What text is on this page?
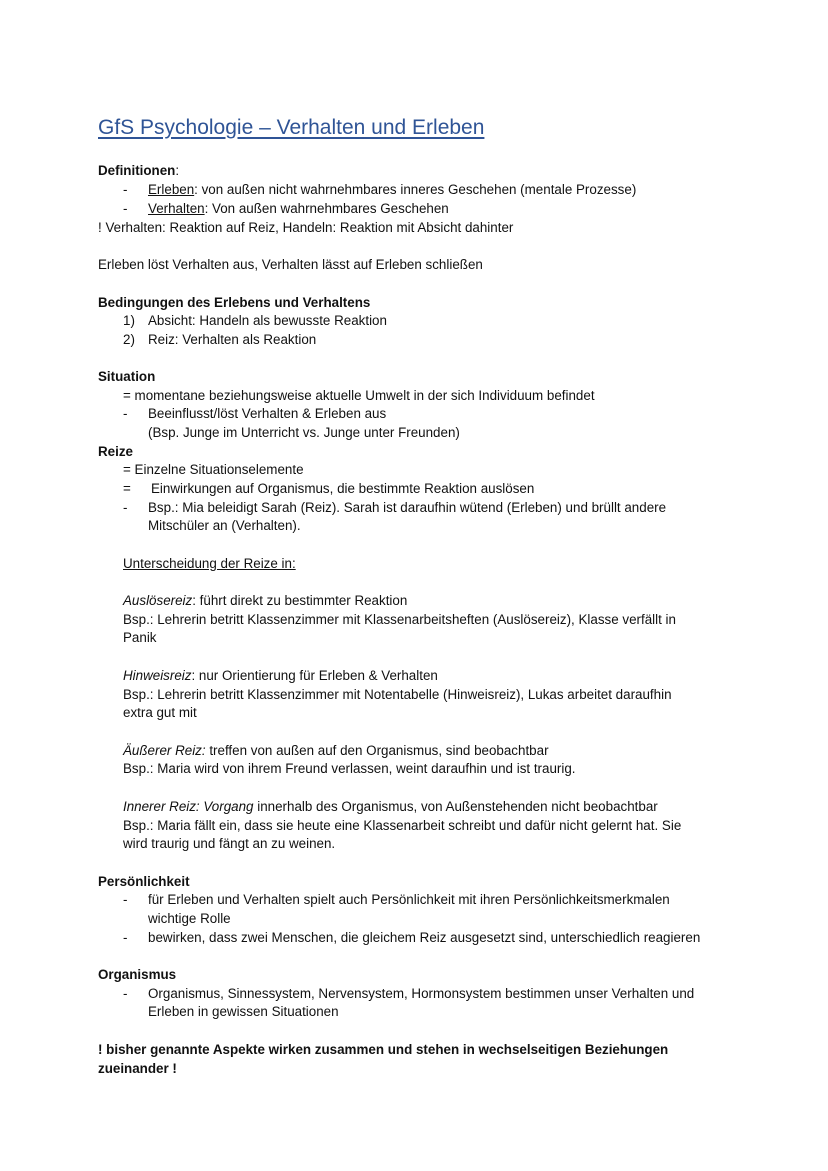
GfS Psychologie – Verhalten und Erleben
Definitionen:
- Erleben: von außen nicht wahrnehmbares inneres Geschehen (mentale Prozesse)
- Verhalten: Von außen wahrnehmbares Geschehen
! Verhalten: Reaktion auf Reiz, Handeln: Reaktion mit Absicht dahinter
Erleben löst Verhalten aus, Verhalten lässt auf Erleben schließen
Bedingungen des Erlebens und Verhaltens
1) Absicht: Handeln als bewusste Reaktion
2) Reiz: Verhalten als Reaktion
Situation
= momentane beziehungsweise aktuelle Umwelt in der sich Individuum befindet
- Beeinflusst/löst Verhalten & Erleben aus
(Bsp. Junge im Unterricht vs. Junge unter Freunden)
Reize
= Einzelne Situationselemente
= Einwirkungen auf Organismus, die bestimmte Reaktion auslösen
- Bsp.: Mia beleidigt Sarah (Reiz). Sarah ist daraufhin wütend (Erleben) und brüllt andere
Mitschüler an (Verhalten).
Unterscheidung der Reize in:
Auslösereiz: führt direkt zu bestimmter Reaktion
Bsp.: Lehrerin betritt Klassenzimmer mit Klassenarbeitsheften (Auslösereiz), Klasse verfällt in
Panik
Hinweisreiz: nur Orientierung für Erleben & Verhalten
Bsp.: Lehrerin betritt Klassenzimmer mit Notentabelle (Hinweisreiz), Lukas arbeitet daraufhin
extra gut mit
Äußerer Reiz: treffen von außen auf den Organismus, sind beobachtbar
Bsp.: Maria wird von ihrem Freund verlassen, weint daraufhin und ist traurig.
Innerer Reiz: Vorgang innerhalb des Organismus, von Außenstehenden nicht beobachtbar
Bsp.: Maria fällt ein, dass sie heute eine Klassenarbeit schreibt und dafür nicht gelernt hat. Sie
wird traurig und fängt an zu weinen.
Persönlichkeit
- für Erleben und Verhalten spielt auch Persönlichkeit mit ihren Persönlichkeitsmerkmalen
wichtige Rolle
- bewirken, dass zwei Menschen, die gleichem Reiz ausgesetzt sind, unterschiedlich reagieren
Organismus
- Organismus, Sinnessystem, Nervensystem, Hormonsystem bestimmen unser Verhalten und
Erleben in gewissen Situationen
! bisher genannte Aspekte wirken zusammen und stehen in wechselseitigen Beziehungen
zueinander !
